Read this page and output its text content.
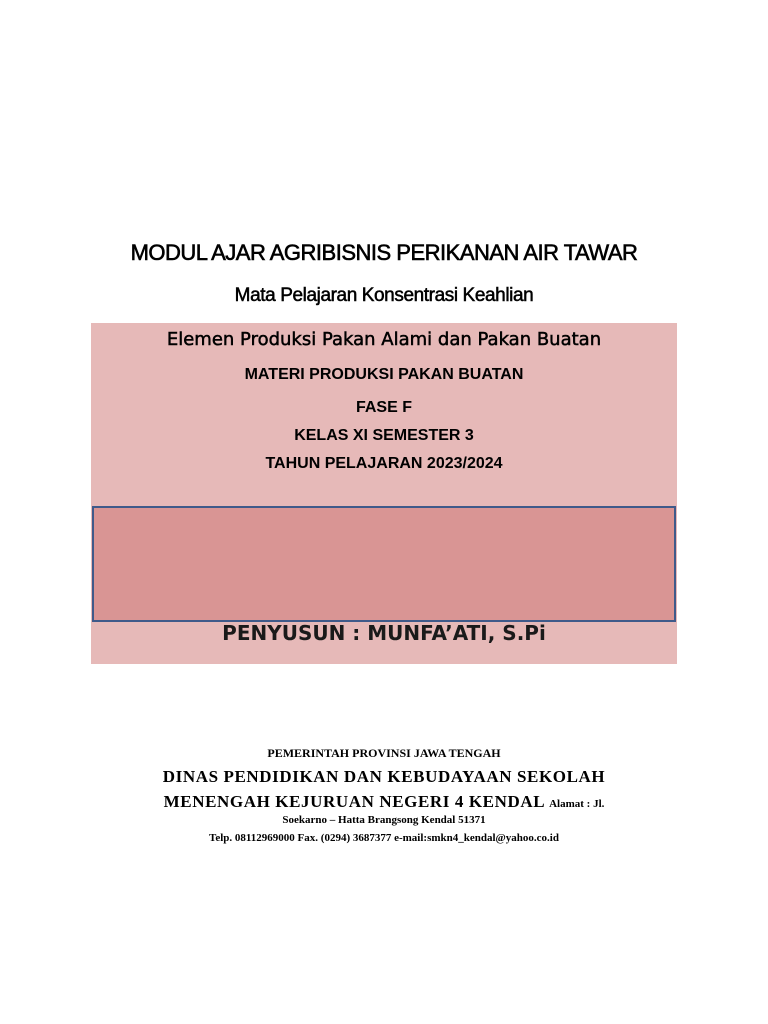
MODUL AJAR AGRIBISNIS PERIKANAN AIR TAWAR
Mata Pelajaran Konsentrasi Keahlian
Elemen Produksi Pakan Alami dan Pakan Buatan
MATERI PRODUKSI PAKAN BUATAN
FASE F
KELAS XI SEMESTER 3
TAHUN PELAJARAN 2023/2024
PENYUSUN : MUNFA’ATI, S.Pi
PEMERINTAH PROVINSI JAWA TENGAH
DINAS PENDIDIKAN DAN KEBUDAYAAN SEKOLAH
MENENGAH KEJURUAN NEGERI 4 KENDAL Alamat : Jl.
Soekarno – Hatta Brangsong Kendal 51371
Telp. 08112969000 Fax. (0294) 3687377 e-mail:smkn4_kendal@yahoo.co.id
